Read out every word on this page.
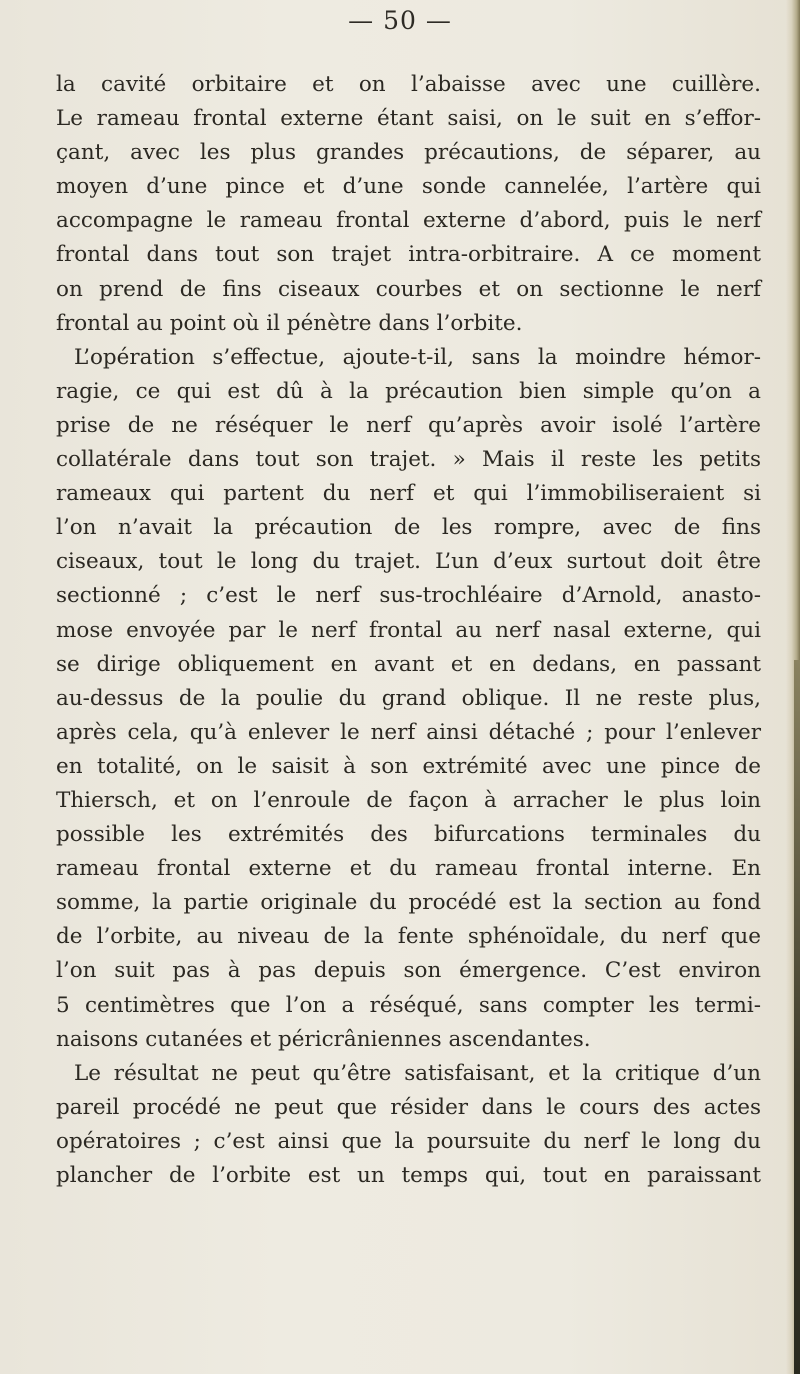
— 50 —
la cavité orbitaire et on l’abaisse avec une cuillère.
Le rameau frontal externe étant saisi, on le suit en s’effor-
çant, avec les plus grandes précautions, de séparer, au
moyen d’une pince et d’une sonde cannelée, l’artère qui
accompagne le rameau frontal externe d’abord, puis le nerf
frontal dans tout son trajet intra-orbitraire. A ce moment
on prend de fins ciseaux courbes et on sectionne le nerf
frontal au point où il pénètre dans l’orbite.
L’opération s’effectue, ajoute-t-il, sans la moindre hémor-
ragie, ce qui est dû à la précaution bien simple qu’on a
prise de ne réséquer le nerf qu’après avoir isolé l’artère
collatérale dans tout son trajet. » Mais il reste les petits
rameaux qui partent du nerf et qui l’immobiliseraient si
l’on n’avait la précaution de les rompre, avec de fins
ciseaux, tout le long du trajet. L’un d’eux surtout doit être
sectionné ; c’est le nerf sus-trochléaire d’Arnold, anasto-
mose envoyée par le nerf frontal au nerf nasal externe, qui
se dirige obliquement en avant et en dedans, en passant
au-dessus de la poulie du grand oblique. Il ne reste plus,
après cela, qu’à enlever le nerf ainsi détaché ; pour l’enlever
en totalité, on le saisit à son extrémité avec une pince de
Thiersch, et on l’enroule de façon à arracher le plus loin
possible les extrémités des bifurcations terminales du
rameau frontal externe et du rameau frontal interne. En
somme, la partie originale du procédé est la section au fond
de l’orbite, au niveau de la fente sphénoïdale, du nerf que
l’on suit pas à pas depuis son émergence. C’est environ
5 centimètres que l’on a réséqué, sans compter les termi-
naisons cutanées et péricrâniennes ascendantes.
Le résultat ne peut qu’être satisfaisant, et la critique d’un
pareil procédé ne peut que résider dans le cours des actes
opératoires ; c’est ainsi que la poursuite du nerf le long du
plancher de l’orbite est un temps qui, tout en paraissant
